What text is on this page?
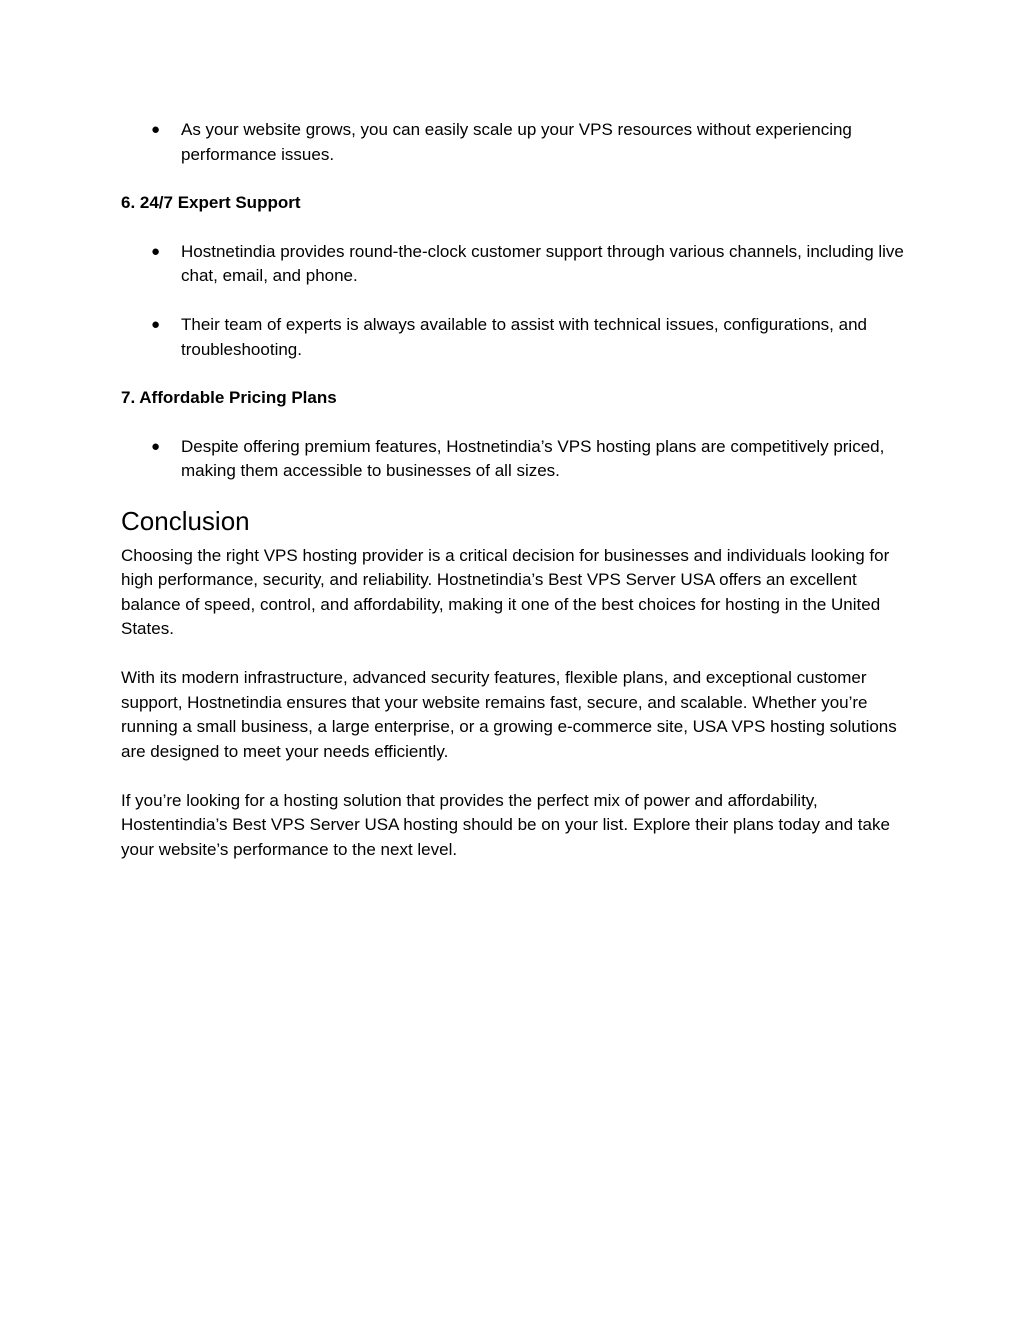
● As your website grows, you can easily scale up your VPS resources without experiencing performance issues.

6. 24/7 Expert Support

● Hostnetindia provides round-the-clock customer support through various channels, including live chat, email, and phone.
● Their team of experts is always available to assist with technical issues, configurations, and troubleshooting.

7. Affordable Pricing Plans

● Despite offering premium features, Hostnetindia’s VPS hosting plans are competitively priced, making them accessible to businesses of all sizes.
Conclusion

Choosing the right VPS hosting provider is a critical decision for businesses and individuals looking for high performance, security, and reliability. Hostnetindia’s Best VPS Server USA offers an excellent balance of speed, control, and affordability, making it one of the best choices for hosting in the United States.

With its modern infrastructure, advanced security features, flexible plans, and exceptional customer support, Hostnetindia ensures that your website remains fast, secure, and scalable. Whether you’re running a small business, a large enterprise, or a growing e-commerce site, USA VPS hosting solutions are designed to meet your needs efficiently.

If you’re looking for a hosting solution that provides the perfect mix of power and affordability, Hostentindia’s Best VPS Server USA hosting should be on your list. Explore their plans today and take your website’s performance to the next level.
